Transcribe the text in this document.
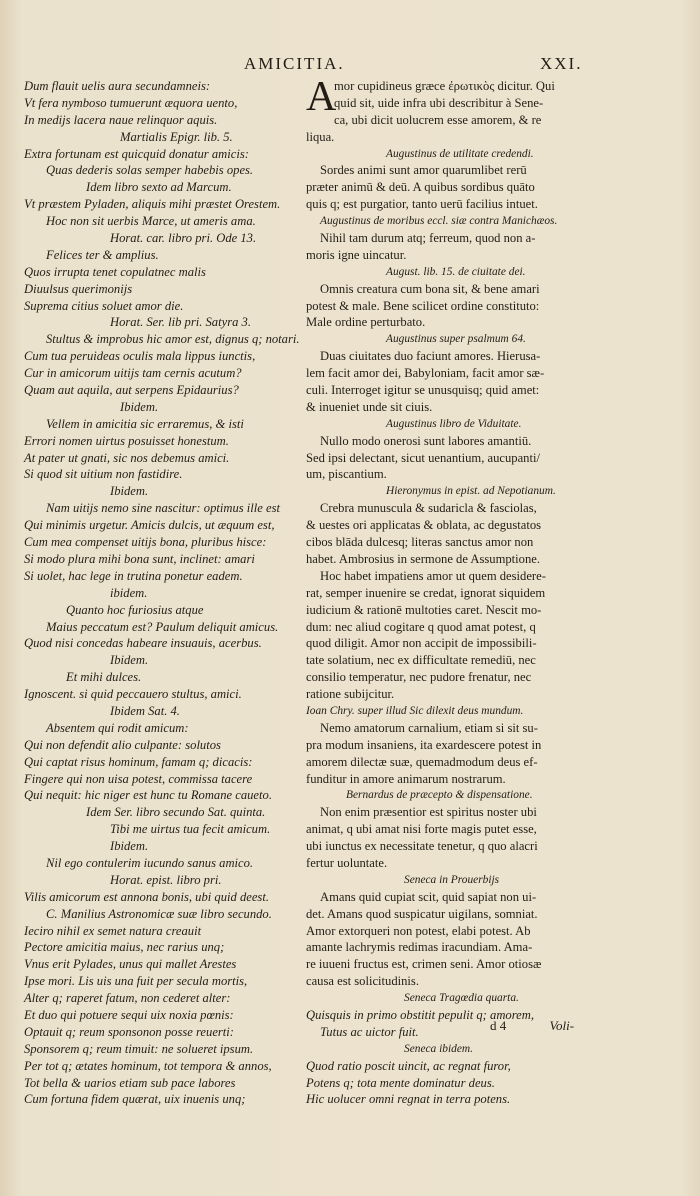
AMICITIA.	XXI.
Dum flauit uelis aura secundamneis:
Vt fera nymboso tumuerunt æquora uento,
In medijs lacera naue relinquor aquis.
Martialis Epigr. lib. 5.
Extra fortunam est quicquid donatur amicis:
Quas dederis solas semper habebis opes.
Idem libro sexto ad Marcum.
Vt præstem Pyladen, aliquis mihi præstet Orestem.
Hoc non sit uerbis Marce, ut ameris ama.
Horat. car. libro pri. Ode 13.
Felices ter & amplius.
Quos irrupta tenet copulatnec malis
Diuulsus querimonijs
Suprema citius soluet amor die.
Horat. Ser. lib pri. Satyra 3.
Stultus & improbus hic amor est, dignus q; notari.
Cum tua peruideas oculis mala lippus iunctis,
Cur in amicorum uitijs tam cernis acutum?
Quam aut aquila, aut serpens Epidaurius?
Ibidem.
Vellem in amicitia sic erraremus, & isti
Errori nomen uirtus posuisset honestum.
At pater ut gnati, sic nos debemus amici.
Si quod sit uitium non fastidire.
Ibidem.
Nam uitijs nemo sine nascitur: optimus ille est
Qui minimis urgetur. Amicis dulcis, ut æquum est,
Cum mea compenset uitijs bona, pluribus hisce:
Si modo plura mihi bona sunt, inclinet: amari
Si uolet, hac lege in trutina ponetur eadem.
ibidem.
Quanto hoc furiosius atque
Maius peccatum est? Paulum deliquit amicus.
Quod nisi concedas habeare insuauis, acerbus.
Ibidem.
Et mihi dulces.
Ignoscent. si quid peccauero stultus, amici.
Ibidem Sat. 4.
Absentem qui rodit amicum:
Qui non defendit alio culpante: solutos
Qui captat risus hominum, famam q; dicacis:
Fingere qui non uisa potest, commissa tacere
Qui nequit: hic niger est hunc tu Romane caueto.
Idem Ser. libro secundo Sat. quinta.
Tibi me uirtus tua fecit amicum.
Ibidem.
Nil ego contulerim iucundo sanus amico.
Horat. epist. libro pri.
Vilis amicorum est annona bonis, ubi quid deest.
C. Manilius Astronomicæ suæ libro secundo.
Ieciro nihil ex semet natura creauit
Pectore amicitia maius, nec rarius unq;
Vnus erit Pylades, unus qui mallet Arestes
Ipse mori. Lis uis una fuit per secula mortis,
Alter q; raperet fatum, non cederet alter:
Et duo qui potuere sequi uix noxia pœnis:
Optauit q; reum sponsonon posse reuerti:
Sponsorem q; reum timuit: ne solueret ipsum.
Per tot q; ætates hominum, tot tempora & annos,
Tot bella & uarios etiam sub pace labores
Cum fortuna fidem quærat, uix inuenis unq;
A
mor cupidineus græce ἐρωτικὸς dicitur. Qui
quid sit, uide infra ubi describitur à Sene-
ca, ubi dicit uolucrem esse amorem, & re
liqua.
Augustinus de utilitate credendi.
Sordes animi sunt amor quarumlibet rerū
præter animū & deū. A quibus sordibus quāto
quis q; est purgatior, tanto uerū facilius intuet.
Augustinus de moribus eccl. siæ contra Manichæos.
Nihil tam durum atq; ferreum, quod non a-
moris igne uincatur.
August. lib. 15. de ciuitate dei.
Omnis creatura cum bona sit, & bene amari
potest & male. Bene scilicet ordine constituto:
Male ordine perturbato.
Augustinus super psalmum 64.
Duas ciuitates duo faciunt amores. Hierusa-
lem facit amor dei, Babyloniam, facit amor sæ-
culi. Interroget igitur se unusquisq; quid amet:
& inueniet unde sit ciuis.
Augustinus libro de Viduitate.
Nullo modo onerosi sunt labores amantiū.
Sed ipsi delectant, sicut uenantium, aucupanti/
um, piscantium.
Hieronymus in epist. ad Nepotianum.
Crebra munuscula & sudaricla & fasciolas,
& uestes ori applicatas & oblata, ac degustatos
cibos blāda dulcesq; literas sanctus amor non
habet. Ambrosius in sermone de Assumptione.
Hoc habet impatiens amor ut quem desidere-
rat, semper inuenire se credat, ignorat siquidem
iudicium & rationē multoties caret. Nescit mo-
dum: nec aliud cogitare q quod amat potest, q
quod diligit. Amor non accipit de impossibili-
tate solatium, nec ex difficultate remediū, nec
consilio temperatur, nec pudore frenatur, nec
ratione subijcitur.
Ioan Chry. super illud Sic dilexit deus mundum.
Nemo amatorum carnalium, etiam si sit su-
pra modum insaniens, ita exardescere potest in
amorem dilectæ suæ, quemadmodum deus ef-
funditur in amore animarum nostrarum.
Bernardus de præcepto & dispensatione.
Non enim præsentior est spiritus noster ubi
animat, q ubi amat nisi forte magis putet esse,
ubi iunctus ex necessitate tenetur, q quo alacri
fertur uoluntate.
Seneca in Prouerbijs
Amans quid cupiat scit, quid sapiat non ui-
det. Amans quod suspicatur uigilans, somniat.
Amor extorqueri non potest, elabi potest. Ab
amante lachrymis redimas iracundiam. Ama-
re iuueni fructus est, crimen seni. Amor otiosæ
causa est solicitudinis.
Seneca Tragœdia quarta.
Quisquis in primo obstitit pepulit q; amorem,
Tutus ac uictor fuit.
Seneca ibidem.
Quod ratio poscit uincit, ac regnat furor,
Potens q; tota mente dominatur deus.
Hic uolucer omni regnat in terra potens.
d 4	Voli-
